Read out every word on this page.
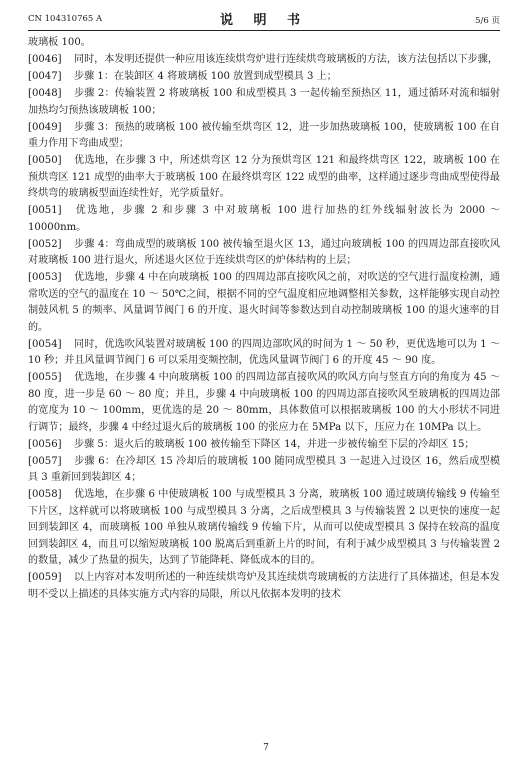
CN 104310765 A	说 明 书	5/6 页
玻璃板 100。
[0046] 同时，本发明还提供一种应用该连续烘弯炉进行连续烘弯玻璃板的方法，该方法包括以下步骤，
[0047] 步骤 1：在装卸区 4 将玻璃板 100 放置到成型模具 3 上；
[0048] 步骤 2：传输装置 2 将玻璃板 100 和成型模具 3 一起传输至预热区 11，通过循环对流和辐射加热均匀预热该玻璃板 100；
[0049] 步骤 3：预热的玻璃板 100 被传输至烘弯区 12，进一步加热玻璃板 100，使玻璃板 100 在自重力作用下弯曲成型；
[0050] 优选地，在步骤 3 中，所述烘弯区 12 分为预烘弯区 121 和最终烘弯区 122，玻璃板 100 在预烘弯区 121 成型的曲率大于玻璃板 100 在最终烘弯区 122 成型的曲率，这样通过逐步弯曲成型使得最终烘弯的玻璃板型面连续性好，光学质量好。
[0051] 优选地，步骤 2 和步骤 3 中对玻璃板 100 进行加热的红外线辐射波长为 2000 ～ 10000nm。
[0052] 步骤 4：弯曲成型的玻璃板 100 被传输至退火区 13，通过向玻璃板 100 的四周边部直接吹风对玻璃板 100 进行退火，所述退火区位于连续烘弯区的炉体结构的上层；
[0053] 优选地，步骤 4 中在向玻璃板 100 的四周边部直接吹风之前，对吹送的空气进行温度检测，通常吹送的空气的温度在 10 ～ 50℃之间，根据不同的空气温度相应地调整相关参数，这样能够实现自动控制鼓风机 5 的频率、风量调节阀门 6 的开度、退火时间等参数达到自动控制玻璃板 100 的退火速率的目的。
[0054] 同时，优选吹风装置对玻璃板 100 的四周边部吹风的时间为 1 ～ 50 秒，更优选地可以为 1 ～ 10 秒；并且风量调节阀门 6 可以采用变频控制，优选风量调节阀门 6 的开度 45 ～ 90 度。
[0055] 优选地，在步骤 4 中向玻璃板 100 的四周边部直接吹风的吹风方向与竖直方向的角度为 45 ～ 80 度，进一步是 60 ～ 80 度；并且，步骤 4 中向玻璃板 100 的四周边部直接吹风至玻璃板的四周边部的宽度为 10 ～ 100mm，更优选的是 20 ～ 80mm，具体数值可以根据玻璃板 100 的大小形状不同进行调节；最终，步骤 4 中经过退火后的玻璃板 100 的张应力在 5MPa 以下，压应力在 10MPa 以上。
[0056] 步骤 5：退火后的玻璃板 100 被传输至下降区 14，并进一步被传输至下层的冷却区 15；
[0057] 步骤 6：在冷却区 15 冷却后的玻璃板 100 随同成型模具 3 一起进入过设区 16，然后成型模具 3 重新回到装卸区 4；
[0058] 优选地，在步骤 6 中使玻璃板 100 与成型模具 3 分离，玻璃板 100 通过玻璃传输线 9 传输至下片区，这样就可以将玻璃板 100 与成型模具 3 分离，之后成型模具 3 与传输装置 2 以更快的速度一起回到装卸区 4，而玻璃板 100 单独从玻璃传输线 9 传输下片，从而可以使成型模具 3 保持在较高的温度回到装卸区 4，而且可以缩短玻璃板 100 脱离后到重新上片的时间，有利于减少成型模具 3 与传输装置 2 的数量，减少了热量的损失，达到了节能降耗、降低成本的目的。
[0059] 以上内容对本发明所述的一种连续烘弯炉及其连续烘弯玻璃板的方法进行了具体描述，但是本发明不受以上描述的具体实施方式内容的局限，所以凡依据本发明的技术
7
